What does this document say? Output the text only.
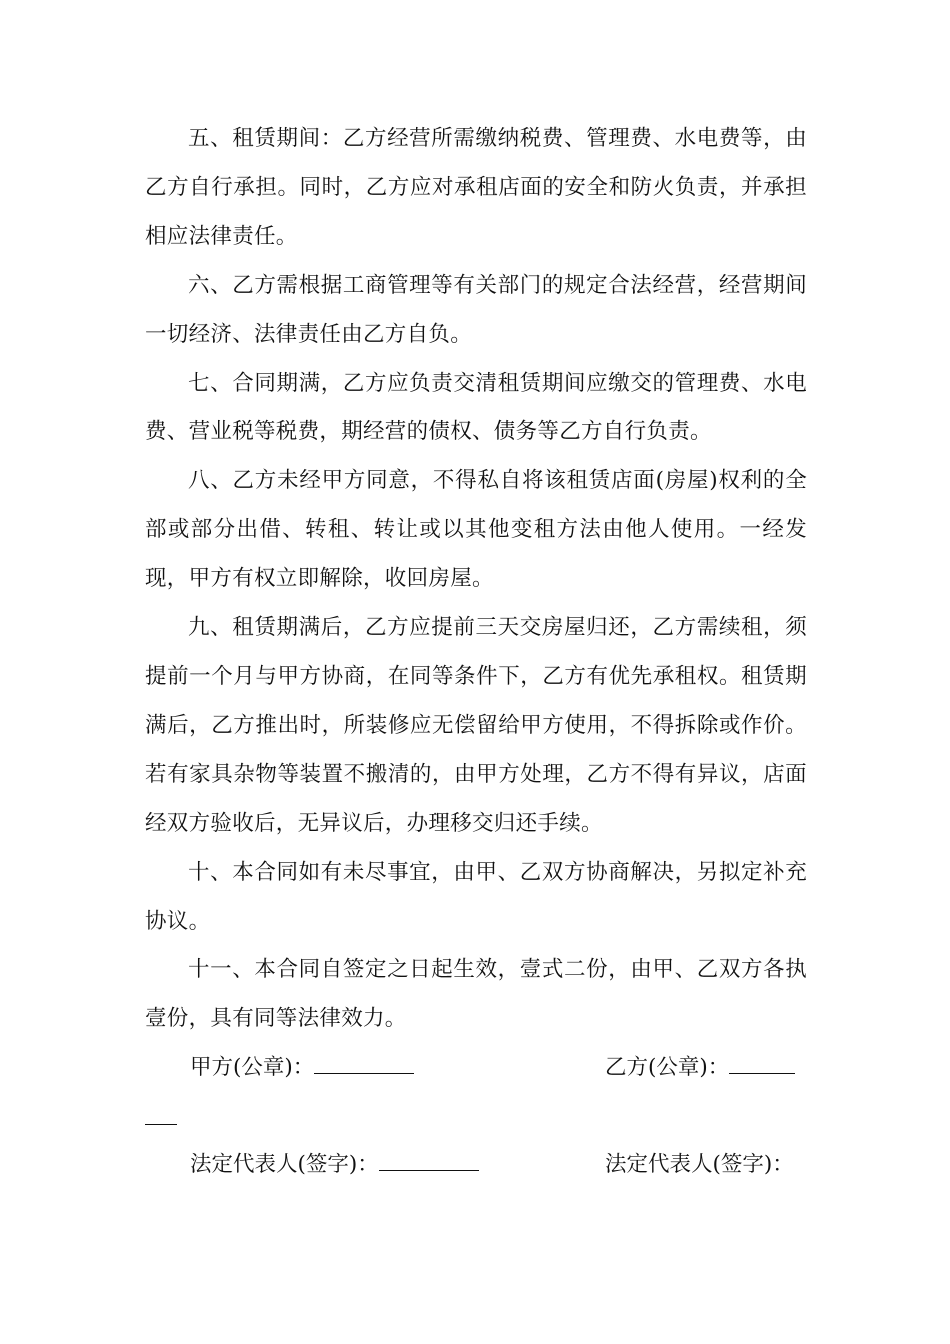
五、租赁期间：乙方经营所需缴纳税费、管理费、水电费等，由乙方自行承担。同时，乙方应对承租店面的安全和防火负责，并承担相应法律责任。

六、乙方需根据工商管理等有关部门的规定合法经营，经营期间一切经济、法律责任由乙方自负。

七、合同期满，乙方应负责交清租赁期间应缴交的管理费、水电费、营业税等税费，期经营的债权、债务等乙方自行负责。

八、乙方未经甲方同意，不得私自将该租赁店面(房屋)权利的全部或部分出借、转租、转让或以其他变租方法由他人使用。一经发现，甲方有权立即解除，收回房屋。

九、租赁期满后，乙方应提前三天交房屋归还，乙方需续租，须提前一个月与甲方协商，在同等条件下，乙方有优先承租权。租赁期满后，乙方推出时，所装修应无偿留给甲方使用，不得拆除或作价。若有家具杂物等装置不搬清的，由甲方处理，乙方不得有异议，店面经双方验收后，无异议后，办理移交归还手续。

十、本合同如有未尽事宜，由甲、乙双方协商解决，另拟定补充协议。

十一、本合同自签定之日起生效，壹式二份，由甲、乙双方各执壹份，具有同等法律效力。

甲方(公章)：	乙方(公章)：
法定代表人(签字)：	法定代表人(签字)：
